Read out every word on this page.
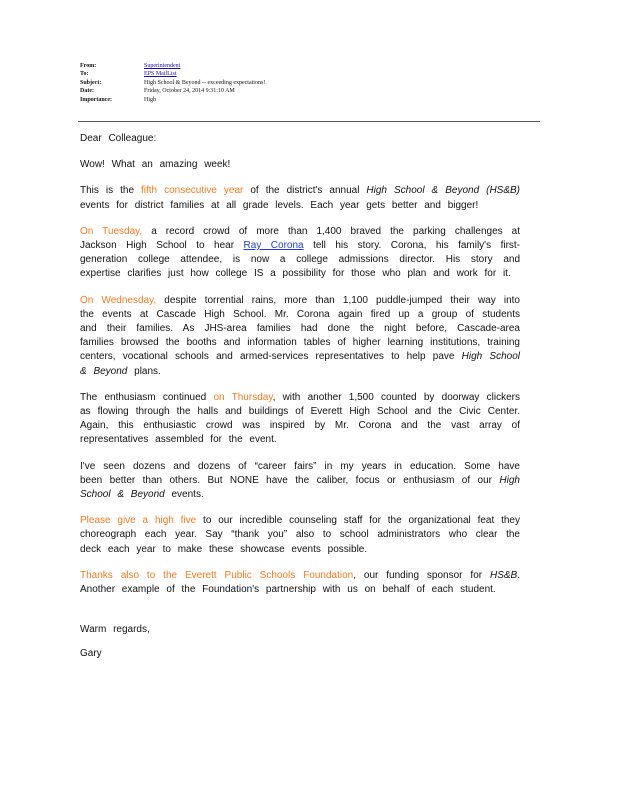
From:	Superintendent
To:	EPS MailList
Subject:	High School & Beyond -- exceeding expectations!
Date:	Friday, October 24, 2014 9:31:10 AM
Importance:	High

Dear Colleague:

Wow! What an amazing week!

This is the fifth consecutive year of the district's annual High School & Beyond (HS&B) events for district families at all grade levels. Each year gets better and bigger!

On Tuesday, a record crowd of more than 1,400 braved the parking challenges at Jackson High School to hear Ray Corona tell his story. Corona, his family's first-generation college attendee, is now a college admissions director. His story and expertise clarifies just how college IS a possibility for those who plan and work for it.

On Wednesday, despite torrential rains, more than 1,100 puddle-jumped their way into the events at Cascade High School. Mr. Corona again fired up a group of students and their families. As JHS-area families had done the night before, Cascade-area families browsed the booths and information tables of higher learning institutions, training centers, vocational schools and armed-services representatives to help pave High School & Beyond plans.

The enthusiasm continued on Thursday, with another 1,500 counted by doorway clickers as flowing through the halls and buildings of Everett High School and the Civic Center. Again, this enthusiastic crowd was inspired by Mr. Corona and the vast array of representatives assembled for the event.

I've seen dozens and dozens of “career fairs” in my years in education. Some have been better than others. But NONE have the caliber, focus or enthusiasm of our High School & Beyond events.

Please give a high five to our incredible counseling staff for the organizational feat they choreograph each year. Say “thank you” also to school administrators who clear the deck each year to make these showcase events possible.

Thanks also to the Everett Public Schools Foundation, our funding sponsor for HS&B. Another example of the Foundation's partnership with us on behalf of each student.

Warm regards,

Gary
